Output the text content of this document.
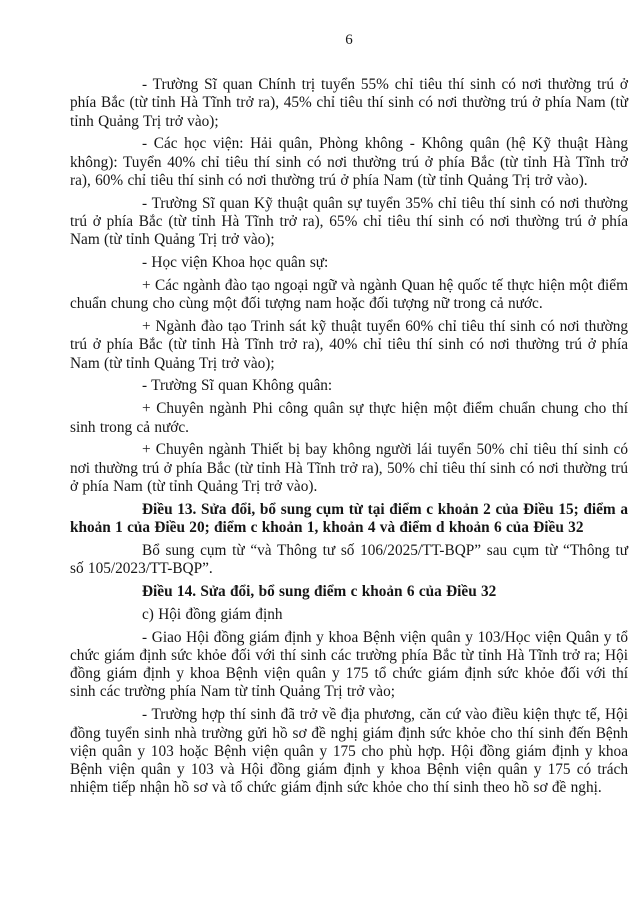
6

- Trường Sĩ quan Chính trị tuyển 55% chỉ tiêu thí sinh có nơi thường trú ở phía Bắc (từ tỉnh Hà Tĩnh trở ra), 45% chỉ tiêu thí sinh có nơi thường trú ở phía Nam (từ tỉnh Quảng Trị trở vào);

- Các học viện: Hải quân, Phòng không - Không quân (hệ Kỹ thuật Hàng không): Tuyển 40% chỉ tiêu thí sinh có nơi thường trú ở phía Bắc (từ tỉnh Hà Tĩnh trở ra), 60% chỉ tiêu thí sinh có nơi thường trú ở phía Nam (từ tỉnh Quảng Trị trở vào).

- Trường Sĩ quan Kỹ thuật quân sự tuyển 35% chỉ tiêu thí sinh có nơi thường trú ở phía Bắc (từ tỉnh Hà Tĩnh trở ra), 65% chỉ tiêu thí sinh có nơi thường trú ở phía Nam (từ tỉnh Quảng Trị trở vào);

- Học viện Khoa học quân sự:

+ Các ngành đào tạo ngoại ngữ và ngành Quan hệ quốc tế thực hiện một điểm chuẩn chung cho cùng một đối tượng nam hoặc đối tượng nữ trong cả nước.

+ Ngành đào tạo Trinh sát kỹ thuật tuyển 60% chỉ tiêu thí sinh có nơi thường trú ở phía Bắc (từ tỉnh Hà Tĩnh trở ra), 40% chỉ tiêu thí sinh có nơi thường trú ở phía Nam (từ tỉnh Quảng Trị trở vào);

- Trường Sĩ quan Không quân:

+ Chuyên ngành Phi công quân sự thực hiện một điểm chuẩn chung cho thí sinh trong cả nước.

+ Chuyên ngành Thiết bị bay không người lái tuyển 50% chỉ tiêu thí sinh có nơi thường trú ở phía Bắc (từ tỉnh Hà Tĩnh trở ra), 50% chỉ tiêu thí sinh có nơi thường trú ở phía Nam (từ tỉnh Quảng Trị trở vào).

Điều 13. Sửa đổi, bổ sung cụm từ tại điểm c khoản 2 của Điều 15; điểm a khoản 1 của Điều 20; điểm c khoản 1, khoản 4 và điểm d khoản 6 của Điều 32

Bổ sung cụm từ “và Thông tư số 106/2025/TT-BQP” sau cụm từ “Thông tư số 105/2023/TT-BQP”.

Điều 14. Sửa đổi, bổ sung điểm c khoản 6 của Điều 32

c) Hội đồng giám định

- Giao Hội đồng giám định y khoa Bệnh viện quân y 103/Học viện Quân y tổ chức giám định sức khỏe đối với thí sinh các trường phía Bắc từ tỉnh Hà Tĩnh trở ra; Hội đồng giám định y khoa Bệnh viện quân y 175 tổ chức giám định sức khỏe đối với thí sinh các trường phía Nam từ tỉnh Quảng Trị trở vào;

- Trường hợp thí sinh đã trở về địa phương, căn cứ vào điều kiện thực tế, Hội đồng tuyển sinh nhà trường gửi hồ sơ đề nghị giám định sức khỏe cho thí sinh đến Bệnh viện quân y 103 hoặc Bệnh viện quân y 175 cho phù hợp. Hội đồng giám định y khoa Bệnh viện quân y 103 và Hội đồng giám định y khoa Bệnh viện quân y 175 có trách nhiệm tiếp nhận hồ sơ và tổ chức giám định sức khỏe cho thí sinh theo hồ sơ đề nghị.
